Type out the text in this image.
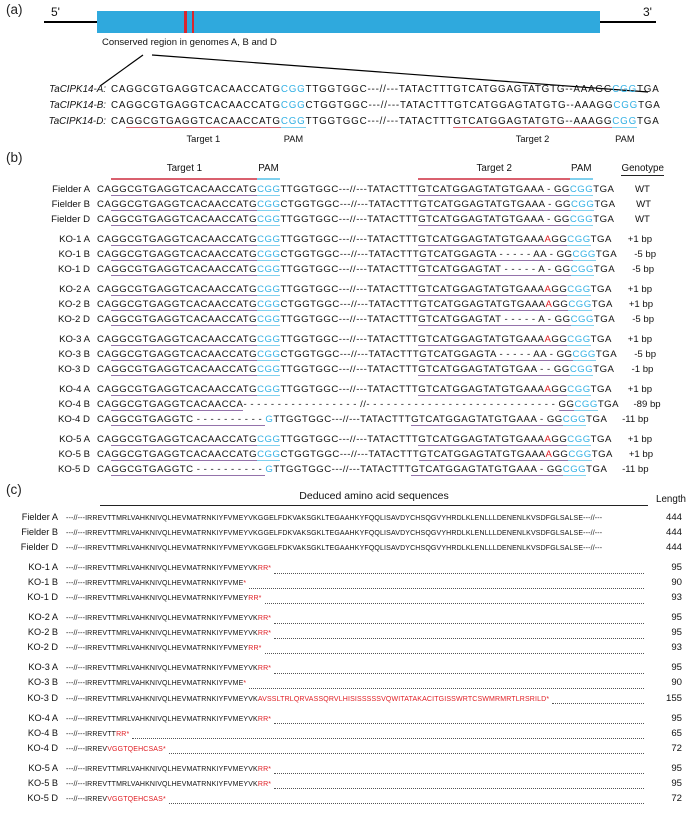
(a) 5'	3'
Conserved region in genomes A, B and D
TaCIPK14-A: CAGGCGTGAGGTCACAACCATGCGGTTGGTGGC---//---TATACTTTGTCATGGAGTATGTG--AAAGGCGGTGA
TaCIPK14-B: CAGGCGTGAGGTCACAACCATGCGGCTGGTGGC---//---TATACTTTGTCATGGAGTATGTG--AAAGGCGGTGA
TaCIPK14-D: CAGGCGTGAGGTCACAACCATGCGGTTGGTGGC---//---TATACTTTGTCATGGAGTATGTG--AAAGGCGGTGA
Target 1	PAM	Target 2	PAM
(b)
Target 1	PAM	Target 2	PAM	Genotype
Fielder A CAGGCGTGAGGTCACAACCATGCGGTTGGTGGC---//---TATACTTTGTCATGGAGTATGTGAAA - GGCGGTGA	WT
Fielder B CAGGCGTGAGGTCACAACCATGCGGCTGGTGGC---//---TATACTTTGTCATGGAGTATGTGAAA - GGCGGTGA	WT
Fielder D CAGGCGTGAGGTCACAACCATGCGGTTGGTGGC---//---TATACTTTGTCATGGAGTATGTGAAA - GGCGGTGA	WT
KO-1 A CAGGCGTGAGGTCACAACCATGCGGTTGGTGGC---//---TATACTTTGTCATGGAGTATGTGAAAAGGCGGTGA	+1 bp
KO-1 B CAGGCGTGAGGTCACAACCATGCGGCTGGTGGC---//---TATACTTTGTCATGGAGTA - - - - - AA - GGCGGTGA	-5 bp
KO-1 D CAGGCGTGAGGTCACAACCATGCGGTTGGTGGC---//---TATACTTTGTCATGGAGTAT - - - - - A - GGCGGTGA	-5 bp
KO-2 A CAGGCGTGAGGTCACAACCATGCGGTTGGTGGC---//---TATACTTTGTCATGGAGTATGTGAAAAGGCGGTGA	+1 bp
KO-2 B CAGGCGTGAGGTCACAACCATGCGGCTGGTGGC---//---TATACTTTGTCATGGAGTATGTGAAAAGGCGGTGA	+1 bp
KO-2 D CAGGCGTGAGGTCACAACCATGCGGTTGGTGGC---//---TATACTTTGTCATGGAGTAT - - - - - A - GGCGGTGA	-5 bp
KO-3 A CAGGCGTGAGGTCACAACCATGCGGTTGGTGGC---//---TATACTTTGTCATGGAGTATGTGAAAAGGCGGTGA	+1 bp
KO-3 B CAGGCGTGAGGTCACAACCATGCGGCTGGTGGC---//---TATACTTTGTCATGGAGTA - - - - - AA - GGCGGTGA	-5 bp
KO-3 D CAGGCGTGAGGTCACAACCATGCGGTTGGTGGC---//---TATACTTTGTCATGGAGTATGTGAA - - GGCGGTGA	-1 bp
KO-4 A CAGGCGTGAGGTCACAACCATGCGGTTGGTGGC---//---TATACTTTGTCATGGAGTATGTGAAAAGGCGGTGA	+1 bp
KO-4 B CAGGCGTGAGGTCACAACCA- - - - - - - - - - - - - - - - - //- - - - - - - - - - - - - - - - - - - - - - - - - - - - GGCGGTGA	-89 bp
KO-4 D CAGGCGTGAGGTC - - - - - - - - - - GTTGGTGGC---//---TATACTTTGTCATGGAGTATGTGAAA - GGCGGTGA	-11 bp
KO-5 A CAGGCGTGAGGTCACAACCATGCGGTTGGTGGC---//---TATACTTTGTCATGGAGTATGTGAAAAGGCGGTGA	+1 bp
KO-5 B CAGGCGTGAGGTCACAACCATGCGGCTGGTGGC---//---TATACTTTGTCATGGAGTATGTGAAAAGGCGGTGA	+1 bp
KO-5 D CAGGCGTGAGGTC - - - - - - - - - - GTTGGTGGC---//---TATACTTTGTCATGGAGTATGTGAAA - GGCGGTGA	-11 bp
(c)	Deduced amino acid sequences	Length
Fielder A	---//---IRREVTTMRLVAHKNIVQLHEVMATRNKIYFVMEYVKGGELFDKVAKSGKLTEGAAHKYFQQLISAVDYCHSQGVYHRDLKLENLLLDENENLKVSDFGLSALSE---//---	444
Fielder B	---//---IRREVTTMRLVAHKNIVQLHEVMATRNKIYFVMEYVKGGELFDKVAKSGKLTEGAAHKYFQQLISAVDYCHSQGVYHRDLKLENLLLDENENLKVSDFGLSALSE---//---	444
Fielder D	---//---IRREVTTMRLVAHKNIVQLHEVMATRNKIYFVMEYVKGGELFDKVAKSGKLTEGAAHKYFQQLISAVDYCHSQGVYHRDLKLENLLLDENENLKVSDFGLSALSE---//---	444
KO-1 A	---//---IRREVTTMRLVAHKNIVQLHEVMATRNKIYFVMEYVKRR*	95
KO-1 B	---//---IRREVTTMRLVAHKNIVQLHEVMATRNKIYFVME*	90
KO-1 D	---//---IRREVTTMRLVAHKNIVQLHEVMATRNKIYFVMEYRR*	93
KO-2 A	---//---IRREVTTMRLVAHKNIVQLHEVMATRNKIYFVMEYVKRR*	95
KO-2 B	---//---IRREVTTMRLVAHKNIVQLHEVMATRNKIYFVMEYVKRR*	95
KO-2 D	---//---IRREVTTMRLVAHKNIVQLHEVMATRNKIYFVMEYRR*	93
KO-3 A	---//---IRREVTTMRLVAHKNIVQLHEVMATRNKIYFVMEYVKRR*	95
KO-3 B	---//---IRREVTTMRLVAHKNIVQLHEVMATRNKIYFVME*	90
KO-3 D	---//---IRREVTTMRLVAHKNIVQLHEVMATRNKIYFVMEYVKAVSSLTRLQRVASSQRVLHISISSSSSVQWITATAKACITGISSWRTCSWMRMRTLRSRILD*	155
KO-4 A	---//---IRREVTTMRLVAHKNIVQLHEVMATRNKIYFVMEYVKRR*	95
KO-4 B	---//---IRREVTTRR*	65
KO-4 D	---//---IRREVVGGTQEHCSAS*	72
KO-5 A	---//---IRREVTTMRLVAHKNIVQLHEVMATRNKIYFVMEYVKRR*	95
KO-5 B	---//---IRREVTTMRLVAHKNIVQLHEVMATRNKIYFVMEYVKRR*	95
KO-5 D	---//---IRREVVGGTQEHCSAS*	72
